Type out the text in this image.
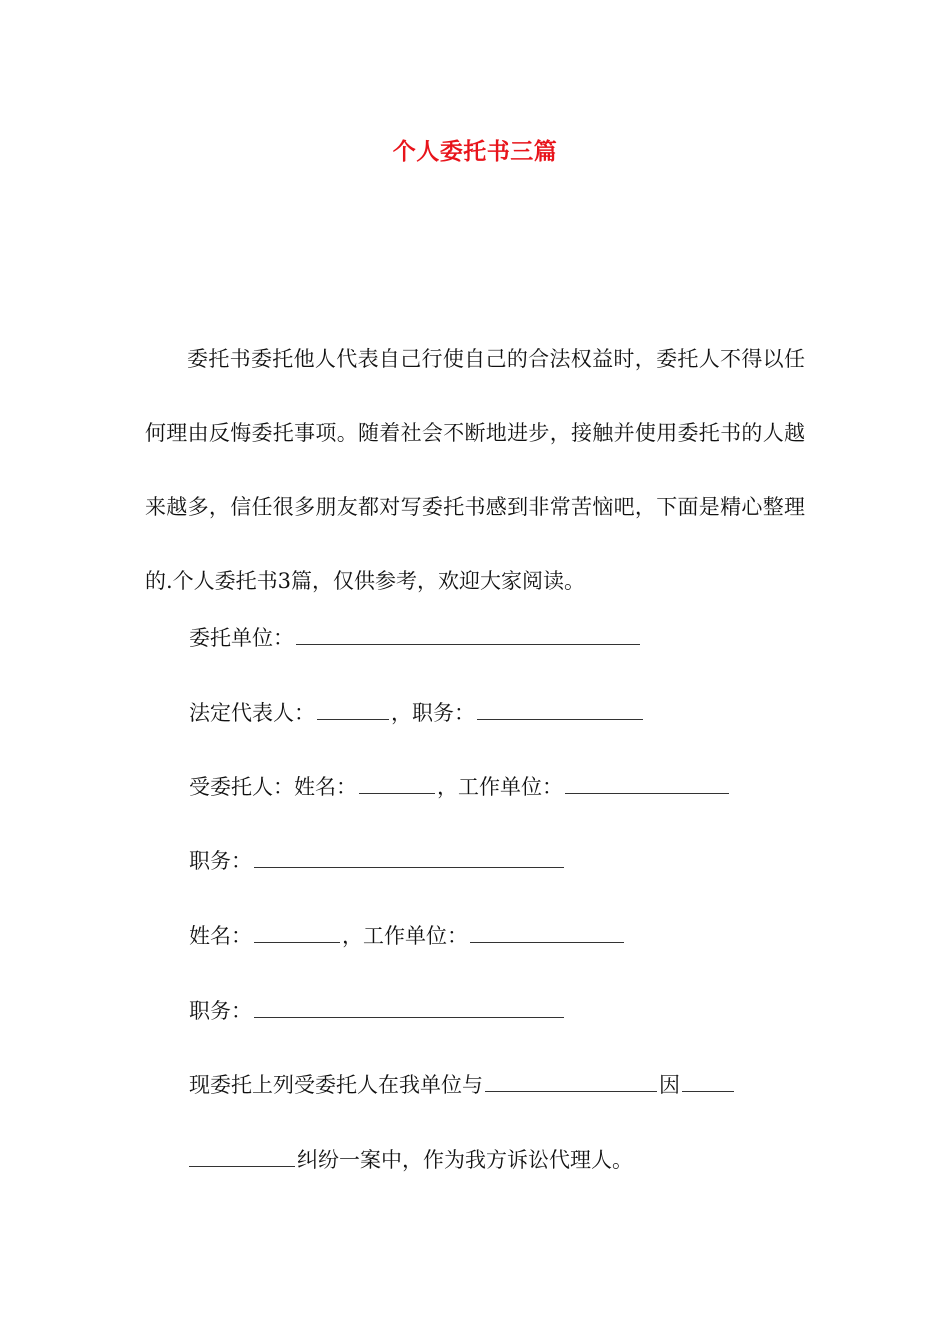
个人委托书三篇

委托书委托他人代表自己行使自己的合法权益时，委托人不得以任何理由反悔委托事项。随着社会不断地进步，接触并使用委托书的人越来越多，信任很多朋友都对写委托书感到非常苦恼吧，下面是精心整理的.个人委托书3篇，仅供参考，欢迎大家阅读。

委托单位：
法定代表人：	，职务：
受委托人：姓名：	，工作单位：
职务：
姓名：	，工作单位：
职务：
现委托上列受委托人在我单位与	因
纠纷一案中，作为我方诉讼代理人。
